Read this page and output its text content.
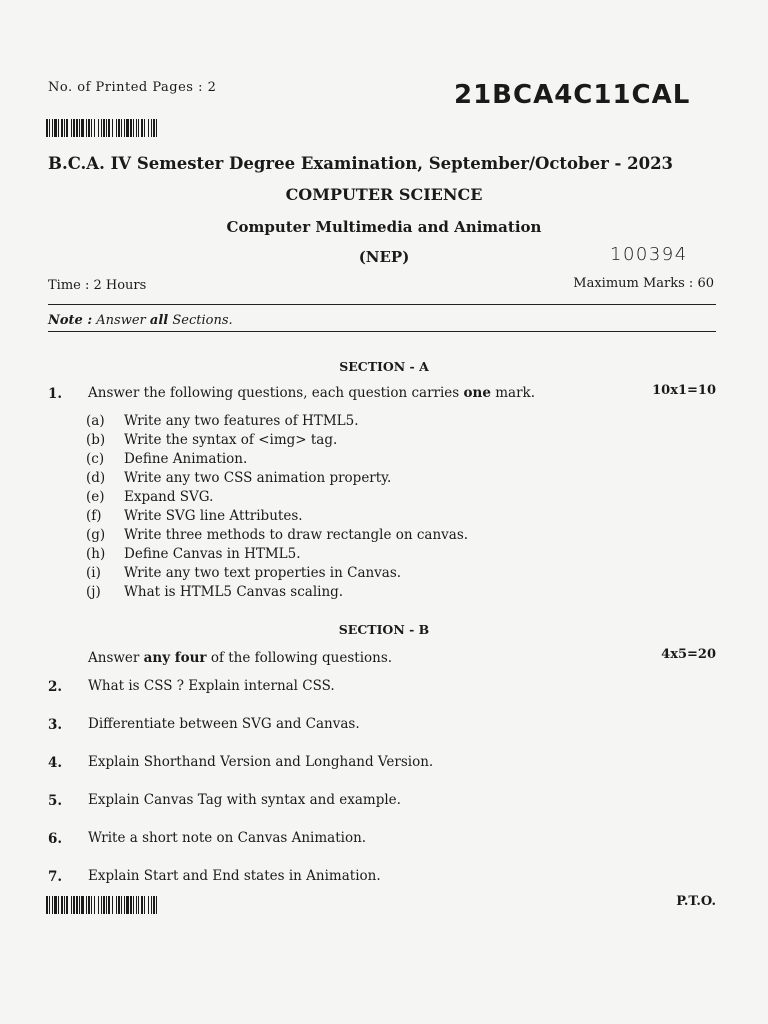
No. of Printed Pages : 2	21BCA4C11CAL
B.C.A. IV Semester Degree Examination, September/October - 2023
COMPUTER SCIENCE
Computer Multimedia and Animation
(NEP)	100394
Time : 2 Hours	Maximum Marks : 60
Note : Answer all Sections.
SECTION - A
1. Answer the following questions, each question carries one mark.	10x1=10
(a)	Write any two features of HTML5.
(b)	Write the syntax of <img> tag.
(c)	Define Animation.
(d)	Write any two CSS animation property.
(e)	Expand SVG.
(f)	Write SVG line Attributes.
(g)	Write three methods to draw rectangle on canvas.
(h)	Define Canvas in HTML5.
(i)	Write any two text properties in Canvas.
(j)	What is HTML5 Canvas scaling.
SECTION - B
Answer any four of the following questions.	4x5=20
2. What is CSS ? Explain internal CSS.
3. Differentiate between SVG and Canvas.
4. Explain Shorthand Version and Longhand Version.
5. Explain Canvas Tag with syntax and example.
6. Write a short note on Canvas Animation.
7. Explain Start and End states in Animation.
P.T.O.
